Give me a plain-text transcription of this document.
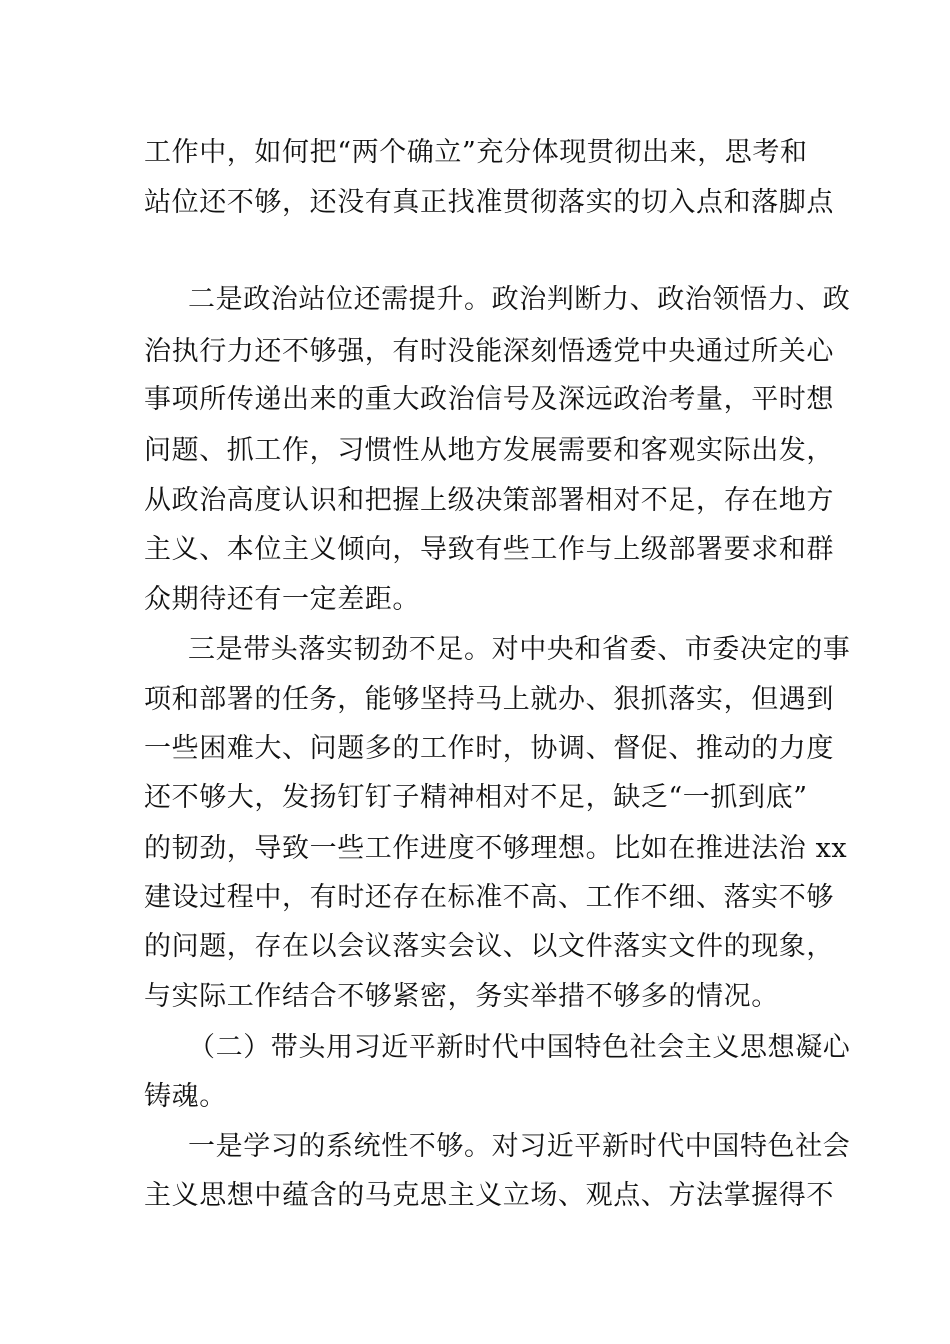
工作中，如何把“两个确立”充分体现贯彻出来，思考和
站位还不够，还没有真正找准贯彻落实的切入点和落脚点
二是政治站位还需提升。政治判断力、政治领悟力、政
治执行力还不够强，有时没能深刻悟透党中央通过所关心
事项所传递出来的重大政治信号及深远政治考量，平时想
问题、抓工作，习惯性从地方发展需要和客观实际出发，
从政治高度认识和把握上级决策部署相对不足，存在地方
主义、本位主义倾向，导致有些工作与上级部署要求和群
众期待还有一定差距。
三是带头落实韧劲不足。对中央和省委、市委决定的事
项和部署的任务，能够坚持马上就办、狠抓落实，但遇到
一些困难大、问题多的工作时，协调、督促、推动的力度
还不够大，发扬钉钉子精神相对不足，缺乏“一抓到底”
的韧劲，导致一些工作进度不够理想。比如在推进法治 xx
建设过程中，有时还存在标准不高、工作不细、落实不够
的问题，存在以会议落实会议、以文件落实文件的现象，
与实际工作结合不够紧密，务实举措不够多的情况。
（二）带头用习近平新时代中国特色社会主义思想凝心
铸魂。
一是学习的系统性不够。对习近平新时代中国特色社会
主义思想中蕴含的马克思主义立场、观点、方法掌握得不
